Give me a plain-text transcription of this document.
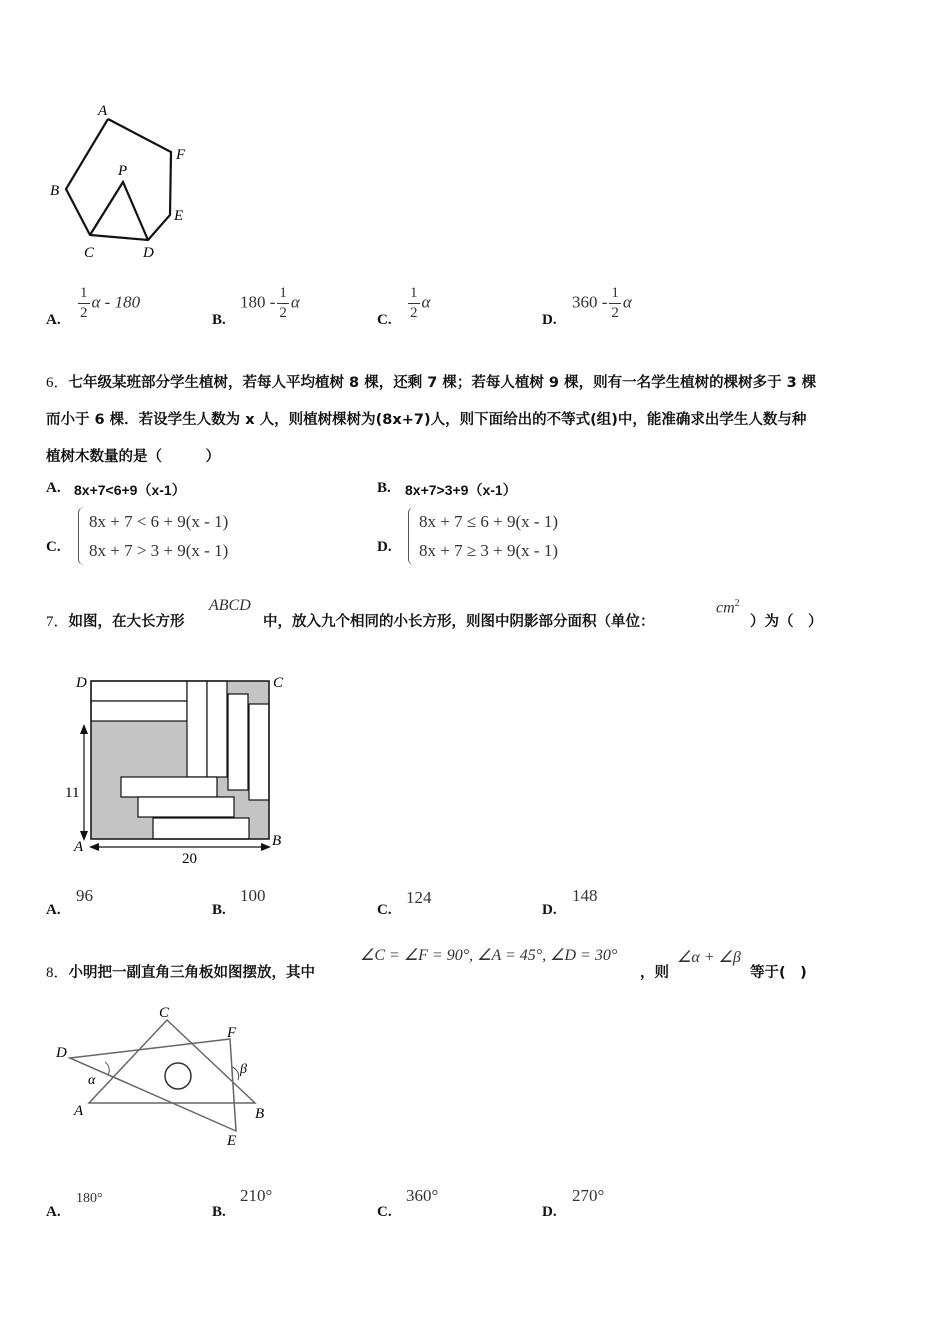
A
B
C	D
E
F
P
A. $\frac{1}{2}$ α - 180
B.
$180 - \frac{1}{2}$ α
C. $\frac{1}{2}$ α
D.
$360 - \frac{1}{2}$ α
6．七年级某班部分学生植树，若每人平均植树 8 棵，还剩 7 棵；若每人植树 9 棵，则有一名学生植树的棵树多于 3 棵
而小于 6 棵．若设学生人数为 x 人，则植树棵树为(8x+7)人，则下面给出的不等式(组)中，能准确求出学生人数与种
植树木数量的是（　　　）
A. 8x+7<6+9（x-1）	B. 8x+7>3+9（x-1）
C.
8x + 7 < 6 + 9(x - 1)
8x + 7 > 3 + 9(x - 1)	D.
8x + 7 ≤ 6 + 9(x - 1)
8x + 7 ≥ 3 + 9(x - 1)
7．如图，在大长方形
ABCD
中，放入九个相同的小长方形，则图中阴影部分面积（单位：
$cm^2$
）为（　）
D	C
A	B
11
20
A.
96
B.
100
C.
124
D.
148
8．小明把一副直角三角板如图摆放，其中
∠C = ∠F = 90°, ∠A = 45°, ∠D = 30°
，则
∠α + ∠β
等于(　)
C
F
D
α
β
A	B
E
A.
180°
B.
210°
C.
360°
D.
270°
